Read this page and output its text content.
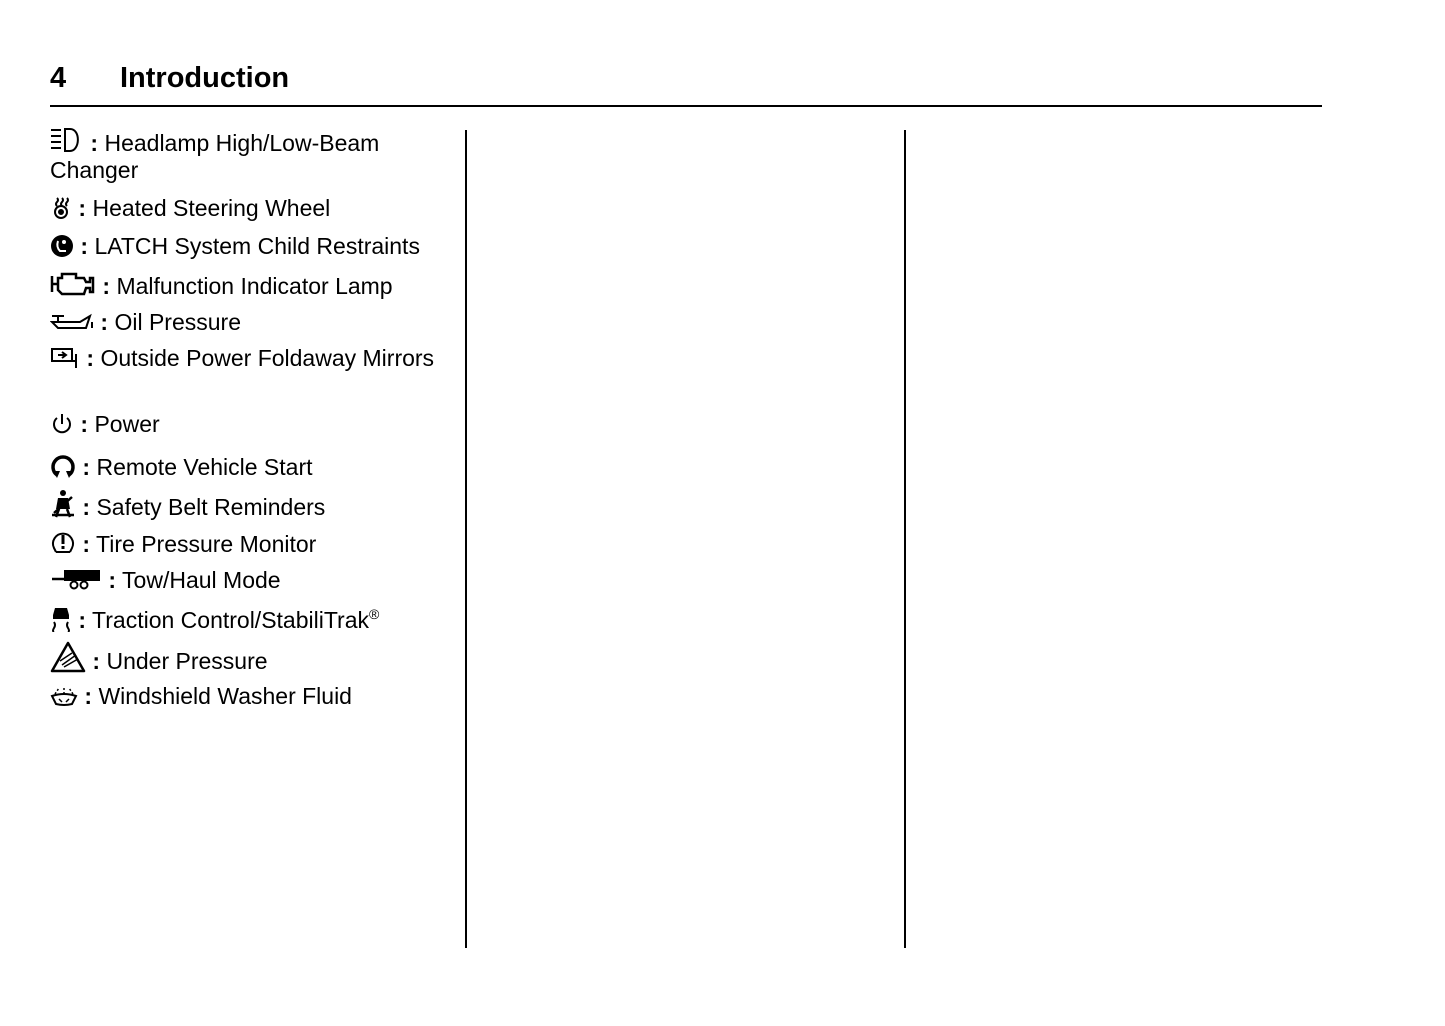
4 Introduction
: Headlamp High/Low-Beam Changer
: Heated Steering Wheel
: LATCH System Child Restraints
: Malfunction Indicator Lamp
: Oil Pressure
: Outside Power Foldaway Mirrors
: Power
: Remote Vehicle Start
: Safety Belt Reminders
: Tire Pressure Monitor
: Tow/Haul Mode
: Traction Control/StabiliTrak®
: Under Pressure
: Windshield Washer Fluid
